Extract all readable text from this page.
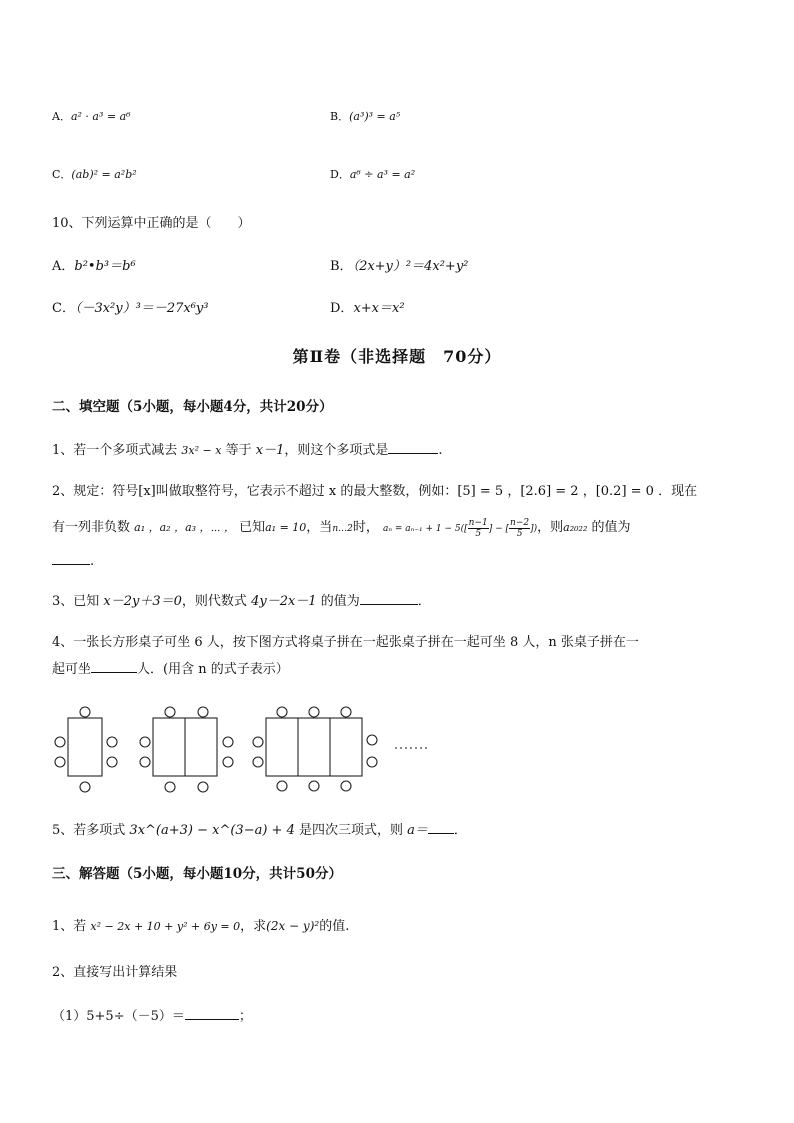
A．a² · a³ = a⁶	B．(a³)³ = a⁵
C．(ab)² = a²b²	D．a⁶ ÷ a³ = a²
10、下列运算中正确的是（　　）
A．b²•b³＝b⁶	B．（2x+y）²＝4x²+y²
C．（－3x²y）³＝－27x⁶y³	D．x+x＝x²
第Ⅱ卷（非选择题　70分）
二、填空题（5小题，每小题4分，共计20分）
1、若一个多项式减去 3x² − x 等于 x－1，则这个多项式是	.
2、规定：符号[x]叫做取整符号，它表示不超过 x 的最大整数，例如：[5] = 5 ，[2.6] = 2 ，[0.2] = 0 ．现在
有一列非负数 a₁ ，a₂ ，a₃ ，⋯ ， 已知a₁ = 10，当n…2时， $a_n = a_{n-1} + 1 - 5([ \frac{n-1}{5}$ ] − [ $\frac{n-2}{5}$ ])，则a₂₀₂₂ 的值为
.
3、已知 x－2y＋3＝0，则代数式 4y－2x－1 的值为	．
4、一张长方形桌子可坐 6 人，按下图方式将桌子拼在一起张桌子拼在一起可坐 8 人，n 张桌子拼在一
起可坐	人．(用含 n 的式子表示）
5、若多项式 3x^(a+3) − x^(3−a) + 4 是四次三项式，则 a＝ ．
三、解答题（5小题，每小题10分，共计50分）
1、若 x² − 2x + 10 + y² + 6y = 0，求(2x − y)²的值.
2、直接写出计算结果
（1）5+5÷（－5）＝	；
